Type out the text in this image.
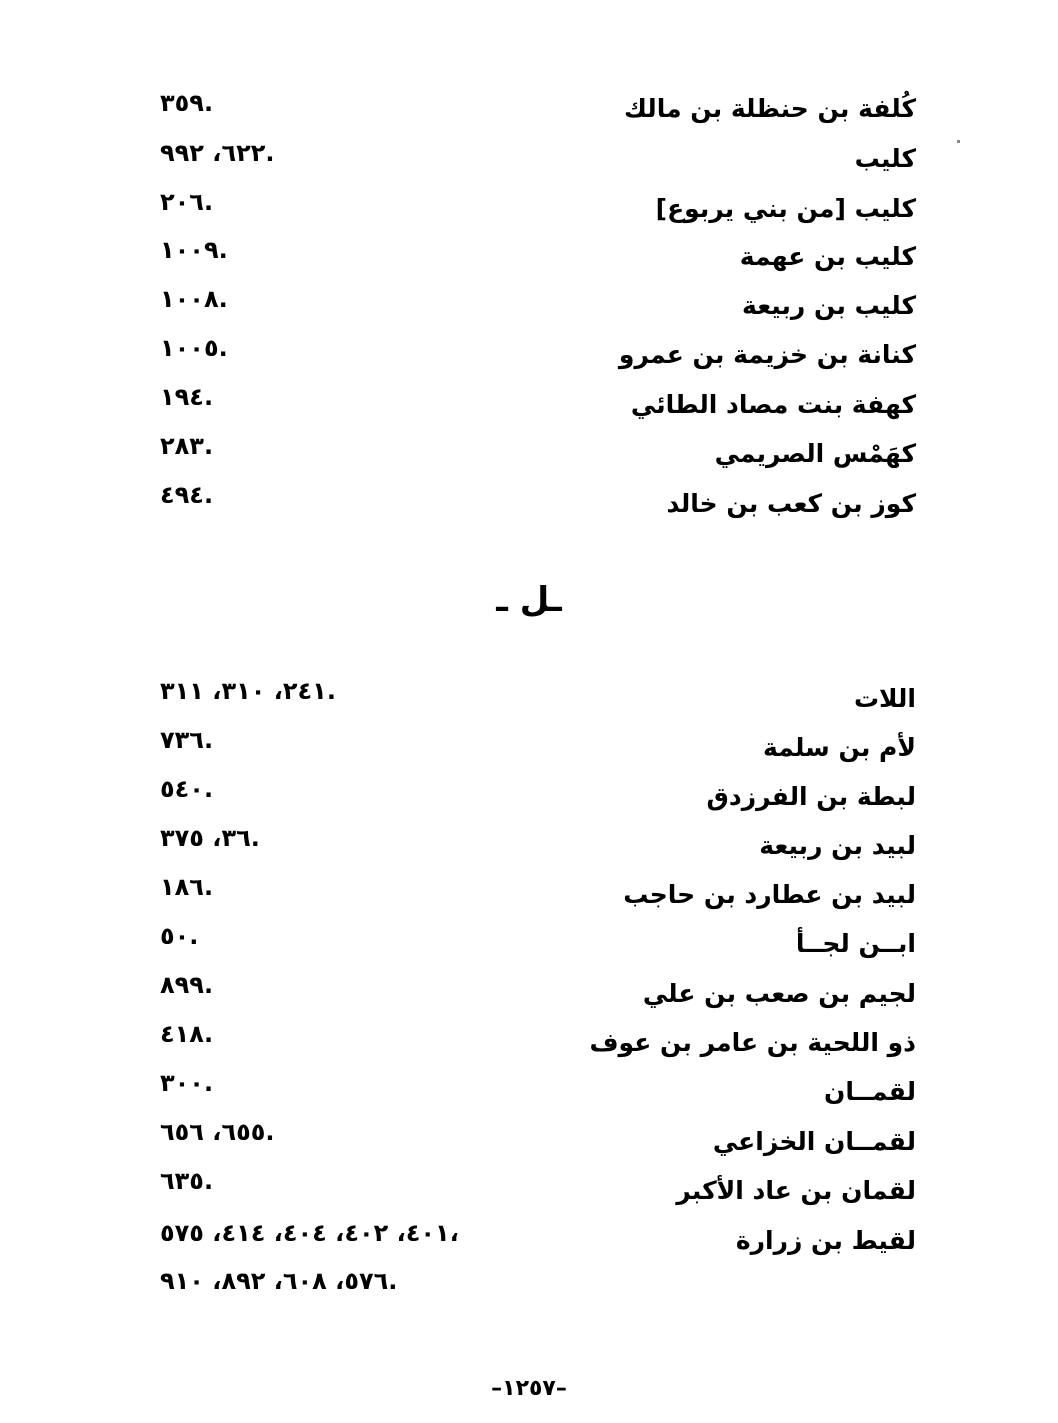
كُلفة بن حنظلة بن مالك
٣٥٩.
كليب
٦٢٢، ٩٩٢.
كليب [من بني يربوع]
٢٠٦.
كليب بن عهمة
١٠٠٩.
كليب بن ربيعة
١٠٠٨.
كنانة بن خزيمة بن عمرو
١٠٠٥.
كهفة بنت مصاد الطائي
١٩٤.
كهَمْس الصريمي
٢٨٣.
كوز بن كعب بن خالد
٤٩٤.
ـل ـ
اللات
٢٤١، ٣١٠، ٣١١.
لأم بن سلمة
٧٣٦.
لبطة بن الفرزدق
٥٤٠.
لبيد بن ربيعة
٣٦، ٣٧٥.
لبيد بن عطارد بن حاجب
١٨٦.
ابــن لجــأ
٥٠.
لجيم بن صعب بن علي
٨٩٩.
ذو اللحية بن عامر بن عوف
٤١٨.
لقمــان
٣٠٠.
لقمــان الخزاعي
٦٥٥، ٦٥٦.
لقمان بن عاد الأكبر
٦٣٥.
لقيط بن زرارة
٤٠١، ٤٠٢، ٤٠٤، ٤١٤، ٥٧٥،
٥٧٦، ٦٠٨، ٨٩٢، ٩١٠.
–١٢٥٧–
